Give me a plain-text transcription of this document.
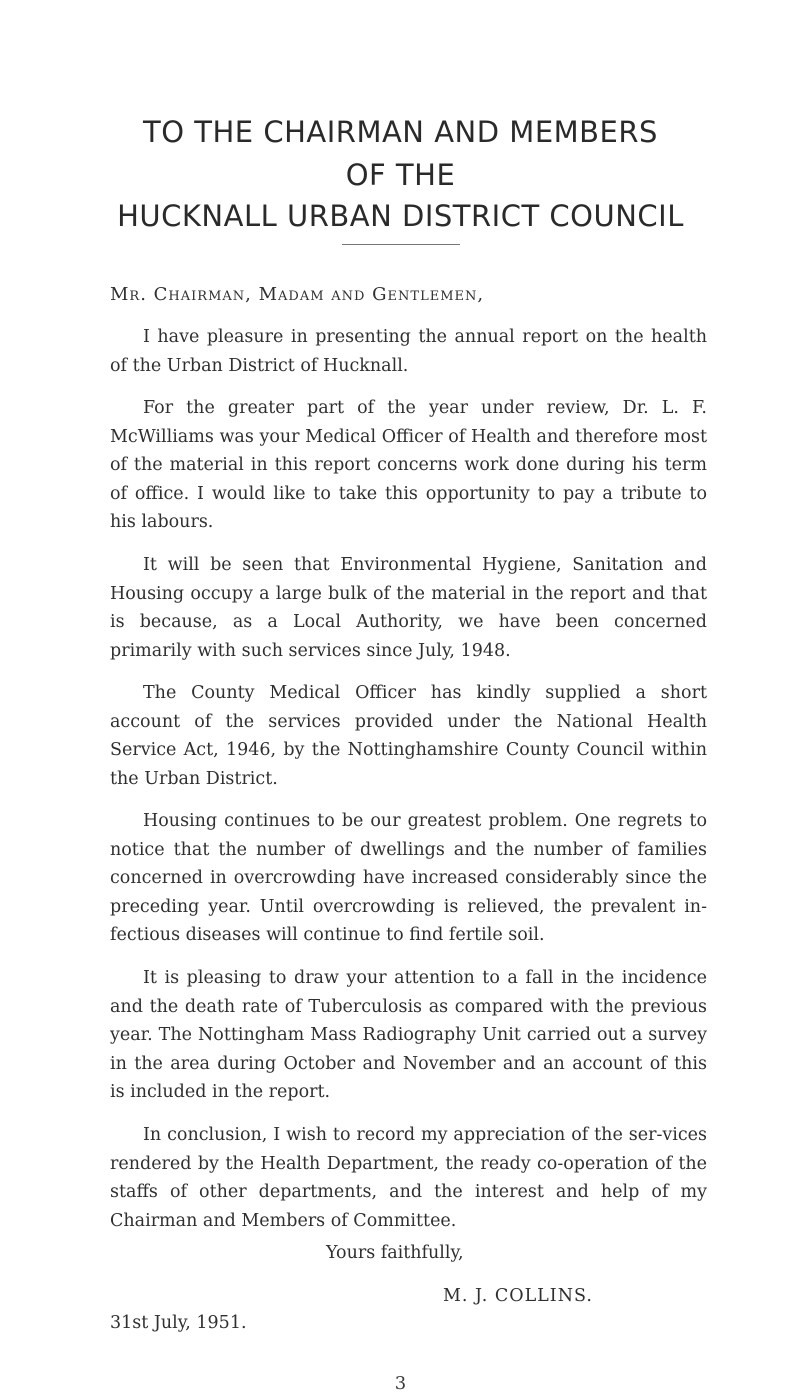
TO THE CHAIRMAN AND MEMBERS
OF THE
HUCKNALL URBAN DISTRICT COUNCIL
Mr. Chairman, Madam and Gentlemen,
I have pleasure in presenting the annual report on the health of the Urban District of Hucknall.
For the greater part of the year under review, Dr. L. F. McWilliams was your Medical Officer of Health and therefore most of the material in this report concerns work done during his term of office. I would like to take this opportunity to pay a tribute to his labours.
It will be seen that Environmental Hygiene, Sanitation and Housing occupy a large bulk of the material in the report and that is because, as a Local Authority, we have been concerned primarily with such services since July, 1948.
The County Medical Officer has kindly supplied a short account of the services provided under the National Health Service Act, 1946, by the Nottinghamshire County Council within the Urban District.
Housing continues to be our greatest problem. One regrets to notice that the number of dwellings and the number of families concerned in overcrowding have increased considerably since the preceding year. Until overcrowding is relieved, the prevalent in-fectious diseases will continue to find fertile soil.
It is pleasing to draw your attention to a fall in the incidence and the death rate of Tuberculosis as compared with the previous year. The Nottingham Mass Radiography Unit carried out a survey in the area during October and November and an account of this is included in the report.
In conclusion, I wish to record my appreciation of the ser-vices rendered by the Health Department, the ready co-operation of the staffs of other departments, and the interest and help of my Chairman and Members of Committee.
Yours faithfully,
M. J. COLLINS.
31st July, 1951.
3
